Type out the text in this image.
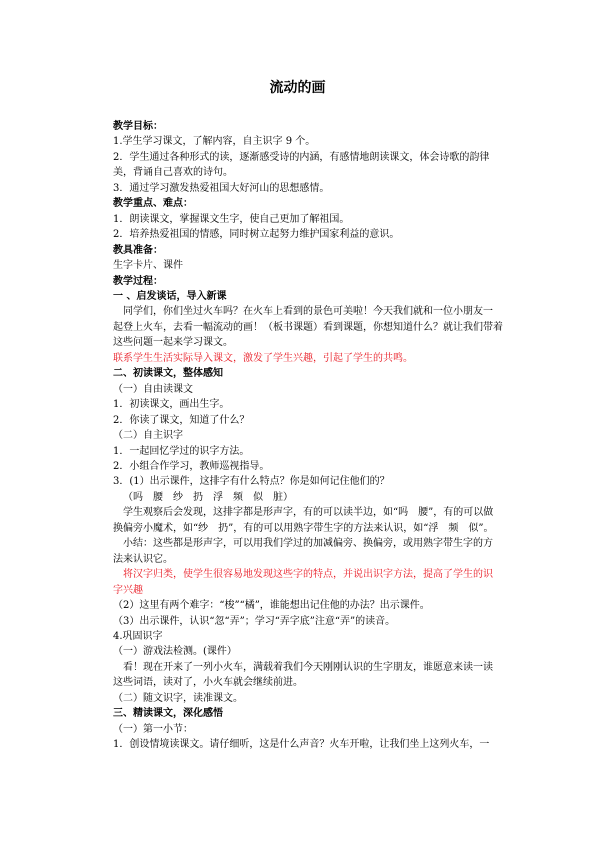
流动的画

教学目标：

1.学生学习课文，了解内容，自主识字 9 个。

2．学生通过各种形式的读，逐渐感受诗的内涵，有感情地朗读课文，体会诗歌的韵律

美，背诵自己喜欢的诗句。

3．通过学习激发热爱祖国大好河山的思想感情。

教学重点、难点：

1．朗读课文，掌握课文生字，使自己更加了解祖国。

2．培养热爱祖国的情感，同时树立起努力维护国家利益的意识。

教具准备：

生字卡片、课件

教学过程：

一 、启发谈话，导入新课

同学们，你们坐过火车吗？在火车上看到的景色可美啦！今天我们就和一位小朋友一

起登上火车，去看一幅流动的画！（板书课题）看到课题，你想知道什么？就让我们带着

这些问题一起来学习课文。

联系学生生活实际导入课文，激发了学生兴趣，引起了学生的共鸣。

二、初读课文，整体感知

（一）自由读课文

1．初读课文，画出生字。

2．你读了课文，知道了什么？

（二）自主识字

1．一起回忆学过的识字方法。

2．小组合作学习，教师巡视指导。

3．(1）出示课件，这排字有什么特点？你是如何记住他们的？

（吗　腰　纱　扔　浮　频　似　脏）

学生观察后会发现，这排字都是形声字，有的可以读半边，如“吗　腰”，有的可以做

换偏旁小魔术，如“纱　扔”，有的可以用熟字带生字的方法来认识，如“浮　频　似”。

小结：这些都是形声字，可以用我们学过的加减偏旁、换偏旁，或用熟字带生字的方

法来认识它。

将汉字归类，使学生很容易地发现这些字的特点，并说出识字方法，提高了学生的识

字兴趣

（2）这里有两个难字：“梭”“橘”，谁能想出记住他的办法？出示课件。

（3）出示课件，认识“忽“弄”；学习“弄字底”注意“弄”的读音。

4.巩固识字

（一）游戏法检测。(课件）

看！现在开来了一列小火车，满载着我们今天刚刚认识的生字朋友，谁愿意来读一读

这些词语，读对了，小火车就会继续前进。

（二）随文识字，读准课文。

三、精读课文，深化感悟

（一）第一小节：

1．创设情境读课文。请仔细听，这是什么声音？火车开啦，让我们坐上这列火车，一
